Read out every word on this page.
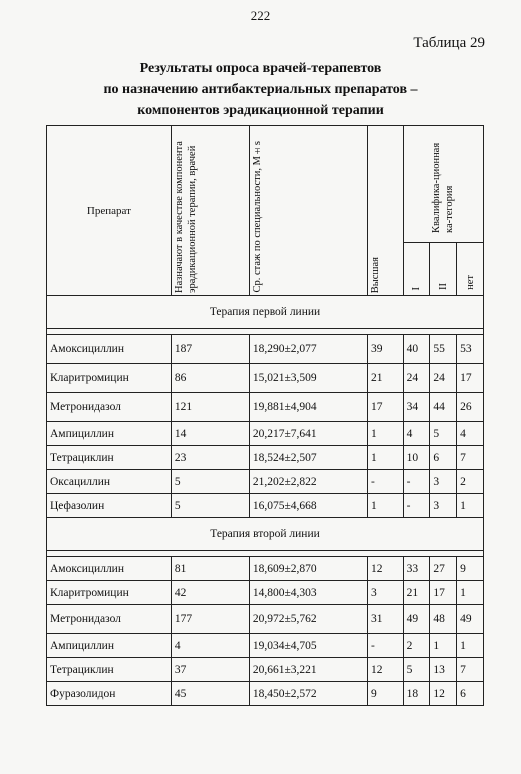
222
Таблица 29
Результаты опроса врачей-терапевтов
по назначению антибактериальных препаратов –
компонентов эрадикационной терапии
Препарат	Назначают в качестве компонента эрадикационной терапии, врачей	Ср. стаж по специальности, M±s	Высшая	Квалифика-ционная ка-тегория		

				I	II	нет
Терапия первой линии						

Амоксициллин	187	18,290±2,077	39	40	55	53
Кларитромицин	86	15,021±3,509	21	24	24	17
Метронидазол	121	19,881±4,904	17	34	44	26
Ампициллин	14	20,217±7,641	1	4	5	4
Тетрациклин	23	18,524±2,507	1	10	6	7
Оксациллин	5	21,202±2,822	-	-	3	2
Цефазолин	5	16,075±4,668	1	-	3	1
Терапия второй линии						

Амоксициллин	81	18,609±2,870	12	33	27	9
Кларитромицин	42	14,800±4,303	3	21	17	1
Метронидазол	177	20,972±5,762	31	49	48	49
Ампициллин	4	19,034±4,705	-	2	1	1
Тетрациклин	37	20,661±3,221	12	5	13	7
Фуразолидон	45	18,450±2,572	9	18	12	6
